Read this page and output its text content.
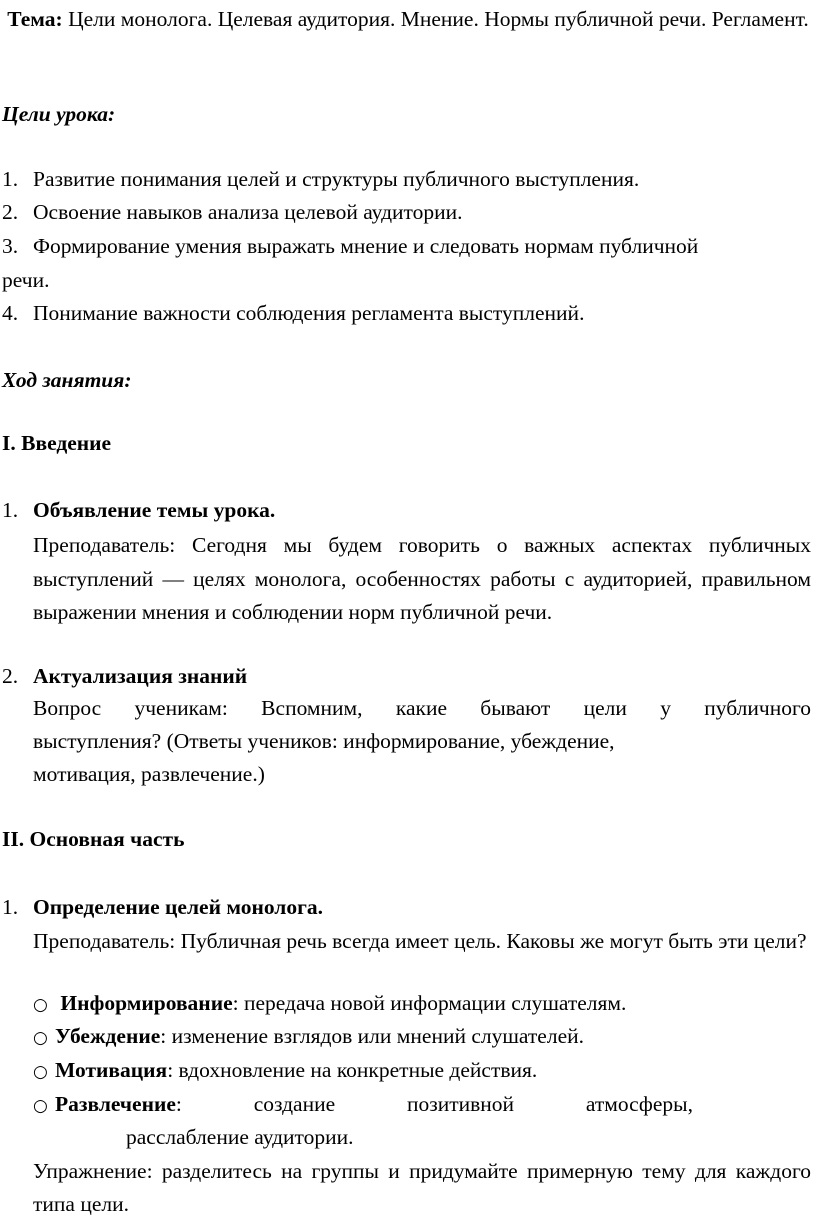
Тема: Цели монолога. Целевая аудитория. Мнение. Нормы публичной речи. Регламент.
Цели урока:
1. Развитие понимания целей и структуры публичного выступления.
2. Освоение навыков анализа целевой аудитории.
3. Формирование умения выражать мнение и следовать нормам публичной
речи.
4. Понимание важности соблюдения регламента выступлений.
Ход занятия:
I. Введение
1. Объявление темы урока.
Преподаватель: Сегодня мы будем говорить о важных аспектах публичных выступлений — целях монолога, особенностях работы с аудиторией, правильном выражении мнения и соблюдении норм публичной речи.
2. Актуализация знаний
Вопрос ученикам: Вспомним, какие бывают цели у публичного
выступления? (Ответы учеников: информирование, убеждение,
мотивация, развлечение.)
II. Основная часть
1. Определение целей монолога.
Преподаватель: Публичная речь всегда имеет цель. Каковы же могут быть эти цели?
○ Информирование: передача новой информации слушателям.
○ Убеждение: изменение взглядов или мнений слушателей.
○ Мотивация: вдохновление на конкретные действия.
○ Развлечение:	создание	позитивной	атмосферы,
расслабление аудитории.
Упражнение: разделитесь на группы и придумайте примерную тему для каждого типа цели.
